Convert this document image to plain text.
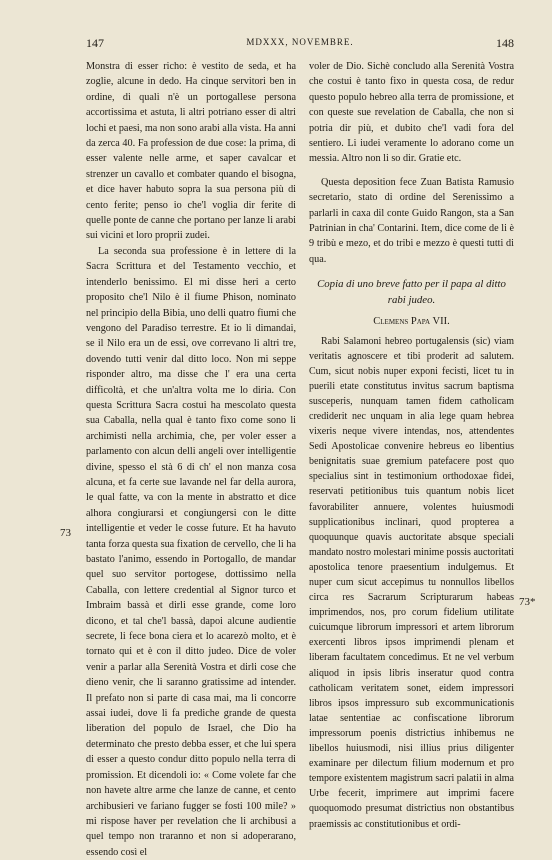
147	MDXXX, NOVEMBRE.	148
73
73*

Monstra di esser richo: è vestito de seda, et ha zoglie, alcune in dedo. Ha cinque servitori ben in ordine, di quali n'è un portogallese persona accortissima et astuta, li altri potriano esser di altri lochi et paesi, ma non sono arabi alla vista. Ha anni da zerca 40. Fa profession de due cose: la prima, di esser valente nelle arme, et saper cavalcar et strenzer un cavallo et combater quando el bisogna, et dice haver habuto sopra la sua persona più di cento ferite; penso io che'l voglia dir ferite di quelle ponte de canne che portano per lanze li arabi sui vicini et loro proprii zudei.

La seconda sua professione è in lettere di la Sacra Scrittura et del Testamento vecchio, et intenderlo benissimo. El mi disse heri a certo proposito che'l Nilo è il fiume Phison, nominato nel principio della Bibia, uno delli quatro fiumi che vengono del Paradiso terrestre. Et io li dimandai, se il Nilo era un de essi, ove correvano li altri tre, dovendo tutti venir dal ditto loco. Non mi seppe risponder altro, ma disse che l' era una certa difficoltà, et che un'altra volta me lo diria. Con questa Scrittura Sacra costui ha mescolato questa sua Caballa, nella qual è tanto fixo come sono li archimisti nella archimia, che, per voler esser a parlamento con alcun delli angeli over intelligentie divine, spesso el stà 6 di ch' el non manza cosa alcuna, et fa certe sue lavande nel far della aurora, le qual fatte, va con la mente in abstratto et dice alhora congiurarsi et congiungersi con le ditte intelligentie et veder le cosse future. Et ha havuto tanta forza questa sua fixation de cervello, che li ha bastato l'animo, essendo in Portogallo, de mandar quel suo servitor portogese, dottissimo nella Caballa, con lettere credential al Signor turco et Imbraim bassà et dirli esse grande, come loro dicono, et tal che'l bassà, dapoi alcune audientie secrete, li fece bona ciera et lo acarezò molto, et è tornato qui et è con il ditto judeo. Dice de voler venir a parlar alla Serenità Vostra et dirli cose che dieno venir, che li saranno gratissime ad intender. Il prefato non si parte di casa mai, ma li concorre assai iudei, dove li fa prediche grande de questa liberation del populo de Israel, che Dio ha determinato che presto debba esser, et che lui spera di esser a questo condur ditto populo nella terra di promission. Et dicendoli io: « Come volete far che non havete altre arme che lanze de canne, et cento archibusieri ve fariano fugger se fosti 100 mile? » mi rispose haver per revelation che li archibusi a quel tempo non traranno et non si adoperarano, essendo così el

voler de Dio. Sichè concludo alla Serenità Vostra che costui è tanto fixo in questa cosa, de redur questo populo hebreo alla terra de promissione, et con queste sue revelation de Caballa, che non si potria dir più, et dubito che'l vadi fora del sentiero. Li iudei veramente lo adorano come un messia. Altro non li so dir. Gratie etc.

Questa deposition fece Zuan Batista Ramusio secretario, stato di ordine del Serenissimo a parlarli in caxa dil conte Guido Rangon, sta a San Patrinian in cha' Contarini. Item, dice come de li è 9 tribù e mezo, et do tribi e mezzo è questi tutti di qua.

Copia di uno breve fatto per il papa al ditto rabi judeo.

Clemens Papa VII.

Rabi Salamoni hebreo portugalensis (sic) viam veritatis agnoscere et tibi proderit ad salutem. Cum, sicut nobis nuper exponi fecisti, licet tu in puerili etate constitutus invitus sacrum baptisma susceperis, nunquam tamen fidem catholicam crediderit nec unquam in alia lege quam hebrea vixeris neque vivere intendas, nos, attendentes Sedi Apostolicae convenire hebreus eo libentius benignitatis suae gremium patefacere post quo specialius sint in testimonium orthodoxae fidei, reservati petitionibus tuis quantum nobis licet favorabiliter annuere, volentes huiusmodi supplicationibus inclinari, quod propterea a quoquunque quavis auctoritate absque speciali mandato nostro molestari minime possis auctoritati apostolica tenore praesentium indulgemus. Et nuper cum sicut accepimus tu nonnullos libellos circa res Sacrarum Scripturarum habeas imprimendos, nos, pro corum fidelium utilitate cuicumque librorum impressori et artem librorum exercenti libros ipsos imprimendi plenam et liberam facultatem concedimus. Et ne vel verbum aliquod in ipsis libris inseratur quod contra catholicam veritatem sonet, eidem impressori libros ipsos impressuro sub excommunicationis latae sententiae ac confiscatione librorum impressorum poenis districtius inhibemus ne libellos huiusmodi, nisi illius prius diligenter examinare per dilectum filium modernum et pro tempore existentem magistrum sacri palatii in alma Urbe fecerit, imprimere aut imprimi facere quoquomodo presumat districtius non obstantibus praemissis ac constitutionibus et ordi-
